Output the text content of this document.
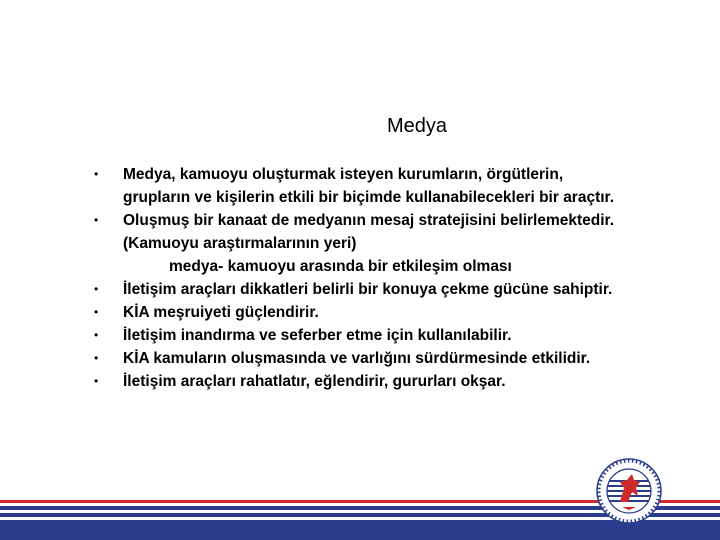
Medya
• Medya, kamuoyu oluşturmak isteyen kurumların, örgütlerin,
grupların ve kişilerin etkili bir biçimde kullanabilecekleri bir araçtır.
• Oluşmuş bir kanaat de medyanın mesaj stratejisini belirlemektedir.
(Kamuoyu araştırmalarının yeri)
medya- kamuoyu arasında bir etkileşim olması
• İletişim araçları dikkatleri belirli bir konuya çekme gücüne sahiptir.
• KİA meşruiyeti güçlendirir.
• İletişim inandırma ve seferber etme için kullanılabilir.
• KİA kamuların oluşmasında ve varlığını sürdürmesinde etkilidir.
• İletişim araçları rahatlatır, eğlendirir, gururları okşar.
